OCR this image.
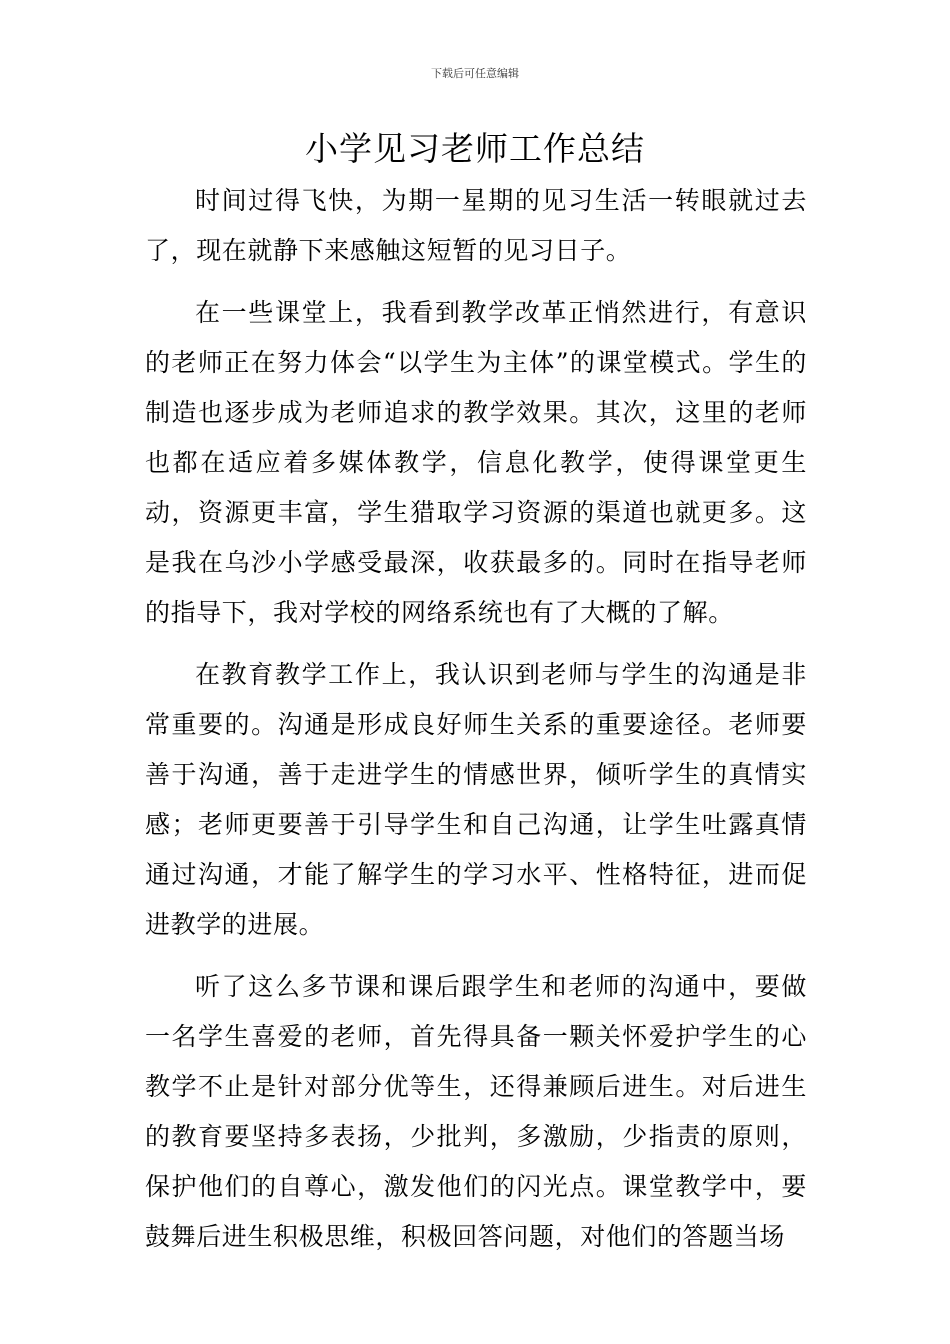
下载后可任意编辑
小学见习老师工作总结

时间过得飞快，为期一星期的见习生活一转眼就过去了，现在就静下来感触这短暂的见习日子。

在一些课堂上，我看到教学改革正悄然进行，有意识的老师正在努力体会“以学生为主体”的课堂模式。学生的制造也逐步成为老师追求的教学效果。其次，这里的老师也都在适应着多媒体教学，信息化教学，使得课堂更生动，资源更丰富，学生猎取学习资源的渠道也就更多。这是我在乌沙小学感受最深，收获最多的。同时在指导老师的指导下，我对学校的网络系统也有了大概的了解。

在教育教学工作上，我认识到老师与学生的沟通是非常重要的。沟通是形成良好师生关系的重要途径。老师要善于沟通，善于走进学生的情感世界，倾听学生的真情实感；老师更要善于引导学生和自己沟通，让学生吐露真情通过沟通，才能了解学生的学习水平、性格特征，进而促进教学的进展。

听了这么多节课和课后跟学生和老师的沟通中，要做一名学生喜爱的老师，首先得具备一颗关怀爱护学生的心教学不止是针对部分优等生，还得兼顾后进生。对后进生的教育要坚持多表扬，少批判，多激励，少指责的原则，保护他们的自尊心，激发他们的闪光点。课堂教学中，要鼓舞后进生积极思维，积极回答问题，对他们的答题当场
